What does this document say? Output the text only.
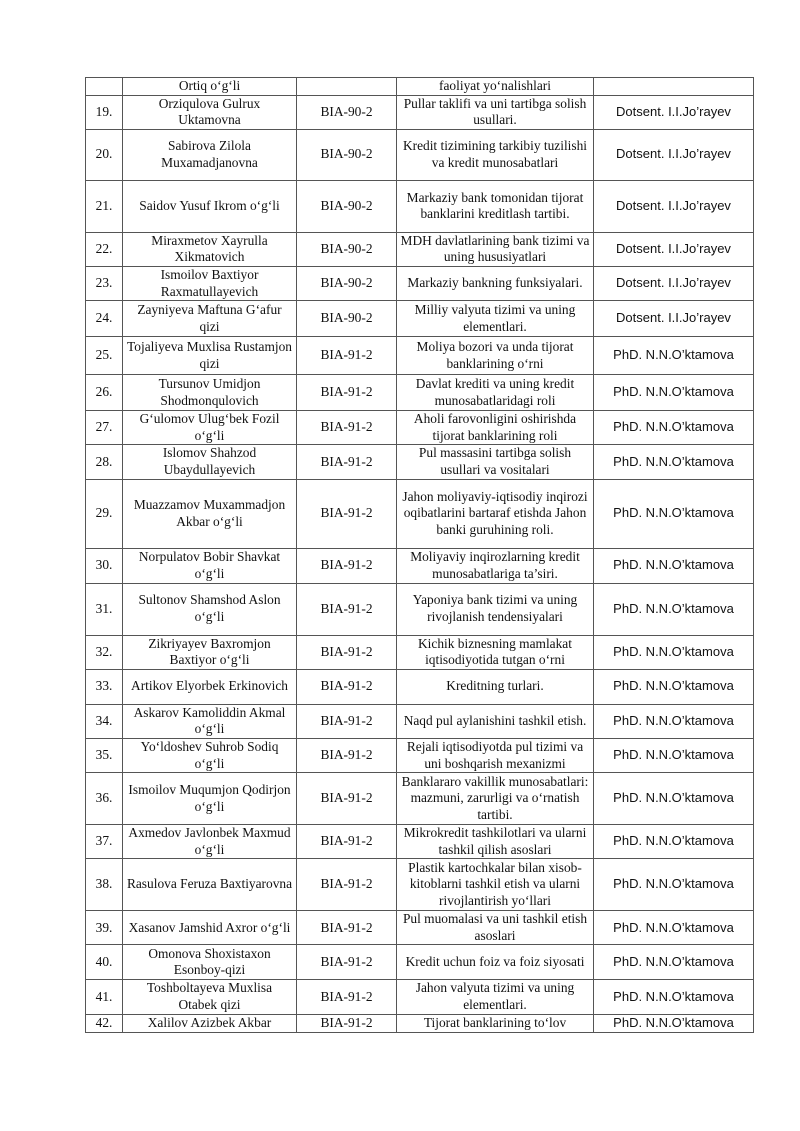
	Ortiq o‘g‘li		faoliyat yo‘nalishlari	
19.	Orziqulova Gulrux Uktamovna	BIA-90-2	Pullar taklifi va uni tartibga solish usullari.	Dotsent. I.I.Jo’rayev
20.	Sabirova Zilola Muxamadjanovna	BIA-90-2	Kredit tizimining tarkibiy tuzilishi va kredit munosabatlari	Dotsent. I.I.Jo’rayev
21.	Saidov Yusuf Ikrom o‘g‘li	BIA-90-2	Markaziy bank tomonidan tijorat banklarini kreditlash tartibi.	Dotsent. I.I.Jo’rayev
22.	Miraxmetov Xayrulla Xikmatovich	BIA-90-2	MDH davlatlarining bank tizimi va uning hususiyatlari	Dotsent. I.I.Jo’rayev
23.	Ismoilov Baxtiyor Raxmatullayevich	BIA-90-2	Markaziy bankning funksiyalari.	Dotsent. I.I.Jo’rayev
24.	Zayniyeva Maftuna G‘afur qizi	BIA-90-2	Milliy valyuta tizimi va uning elementlari.	Dotsent. I.I.Jo’rayev
25.	Tojaliyeva Muxlisa Rustamjon qizi	BIA-91-2	Moliya bozori va unda tijorat banklarining o‘rni	PhD. N.N.O’ktamova
26.	Tursunov Umidjon Shodmonqulovich	BIA-91-2	Davlat krediti va uning kredit munosabatlaridagi roli	PhD. N.N.O’ktamova
27.	G‘ulomov Ulug‘bek Fozil o‘g‘li	BIA-91-2	Aholi farovonligini oshirishda tijorat banklarining roli	PhD. N.N.O’ktamova
28.	Islomov Shahzod Ubaydullayevich	BIA-91-2	Pul massasini tartibga solish usullari va vositalari	PhD. N.N.O’ktamova
29.	Muazzamov Muxammadjon Akbar o‘g‘li	BIA-91-2	Jahon moliyaviy-iqtisodiy inqirozi oqibatlarini bartaraf etishda Jahon banki guruhining roli.	PhD. N.N.O’ktamova
30.	Norpulatov Bobir Shavkat o‘g‘li	BIA-91-2	Moliyaviy inqirozlarning kredit munosabatlariga ta’siri.	PhD. N.N.O’ktamova
31.	Sultonov Shamshod Aslon o‘g‘li	BIA-91-2	Yaponiya bank tizimi va uning rivojlanish tendensiyalari	PhD. N.N.O’ktamova
32.	Zikriyayev Baxromjon Baxtiyor o‘g‘li	BIA-91-2	Kichik biznesning mamlakat iqtisodiyotida tutgan o‘rni	PhD. N.N.O’ktamova
33.	Artikov Elyorbek Erkinovich	BIA-91-2	Kreditning turlari.	PhD. N.N.O’ktamova
34.	Askarov Kamoliddin Akmal o‘g‘li	BIA-91-2	Naqd pul aylanishini tashkil etish.	PhD. N.N.O’ktamova
35.	Yo‘ldoshev Suhrob Sodiq o‘g‘li	BIA-91-2	Rejali iqtisodiyotda pul tizimi va uni boshqarish mexanizmi	PhD. N.N.O’ktamova
36.	Ismoilov Muqumjon Qodirjon o‘g‘li	BIA-91-2	Banklararo vakillik munosabatlari: mazmuni, zarurligi va o‘rnatish tartibi.	PhD. N.N.O’ktamova
37.	Axmedov Javlonbek Maxmud o‘g‘li	BIA-91-2	Mikrokredit tashkilotlari va ularni tashkil qilish asoslari	PhD. N.N.O’ktamova
38.	Rasulova Feruza Baxtiyarovna	BIA-91-2	Plastik kartochkalar bilan xisob-kitoblarni tashkil etish va ularni rivojlantirish yo‘llari	PhD. N.N.O’ktamova
39.	Xasanov Jamshid Axror o‘g‘li	BIA-91-2	Pul muomalasi va uni tashkil etish asoslari	PhD. N.N.O’ktamova
40.	Omonova Shoxistaxon Esonboy-qizi	BIA-91-2	Kredit uchun foiz va foiz siyosati	PhD. N.N.O’ktamova
41.	Toshboltayeva Muxlisa Otabek qizi	BIA-91-2	Jahon valyuta tizimi va uning elementlari.	PhD. N.N.O’ktamova
42.	Xalilov Azizbek Akbar	BIA-91-2	Tijorat banklarining to‘lov	PhD. N.N.O’ktamova
